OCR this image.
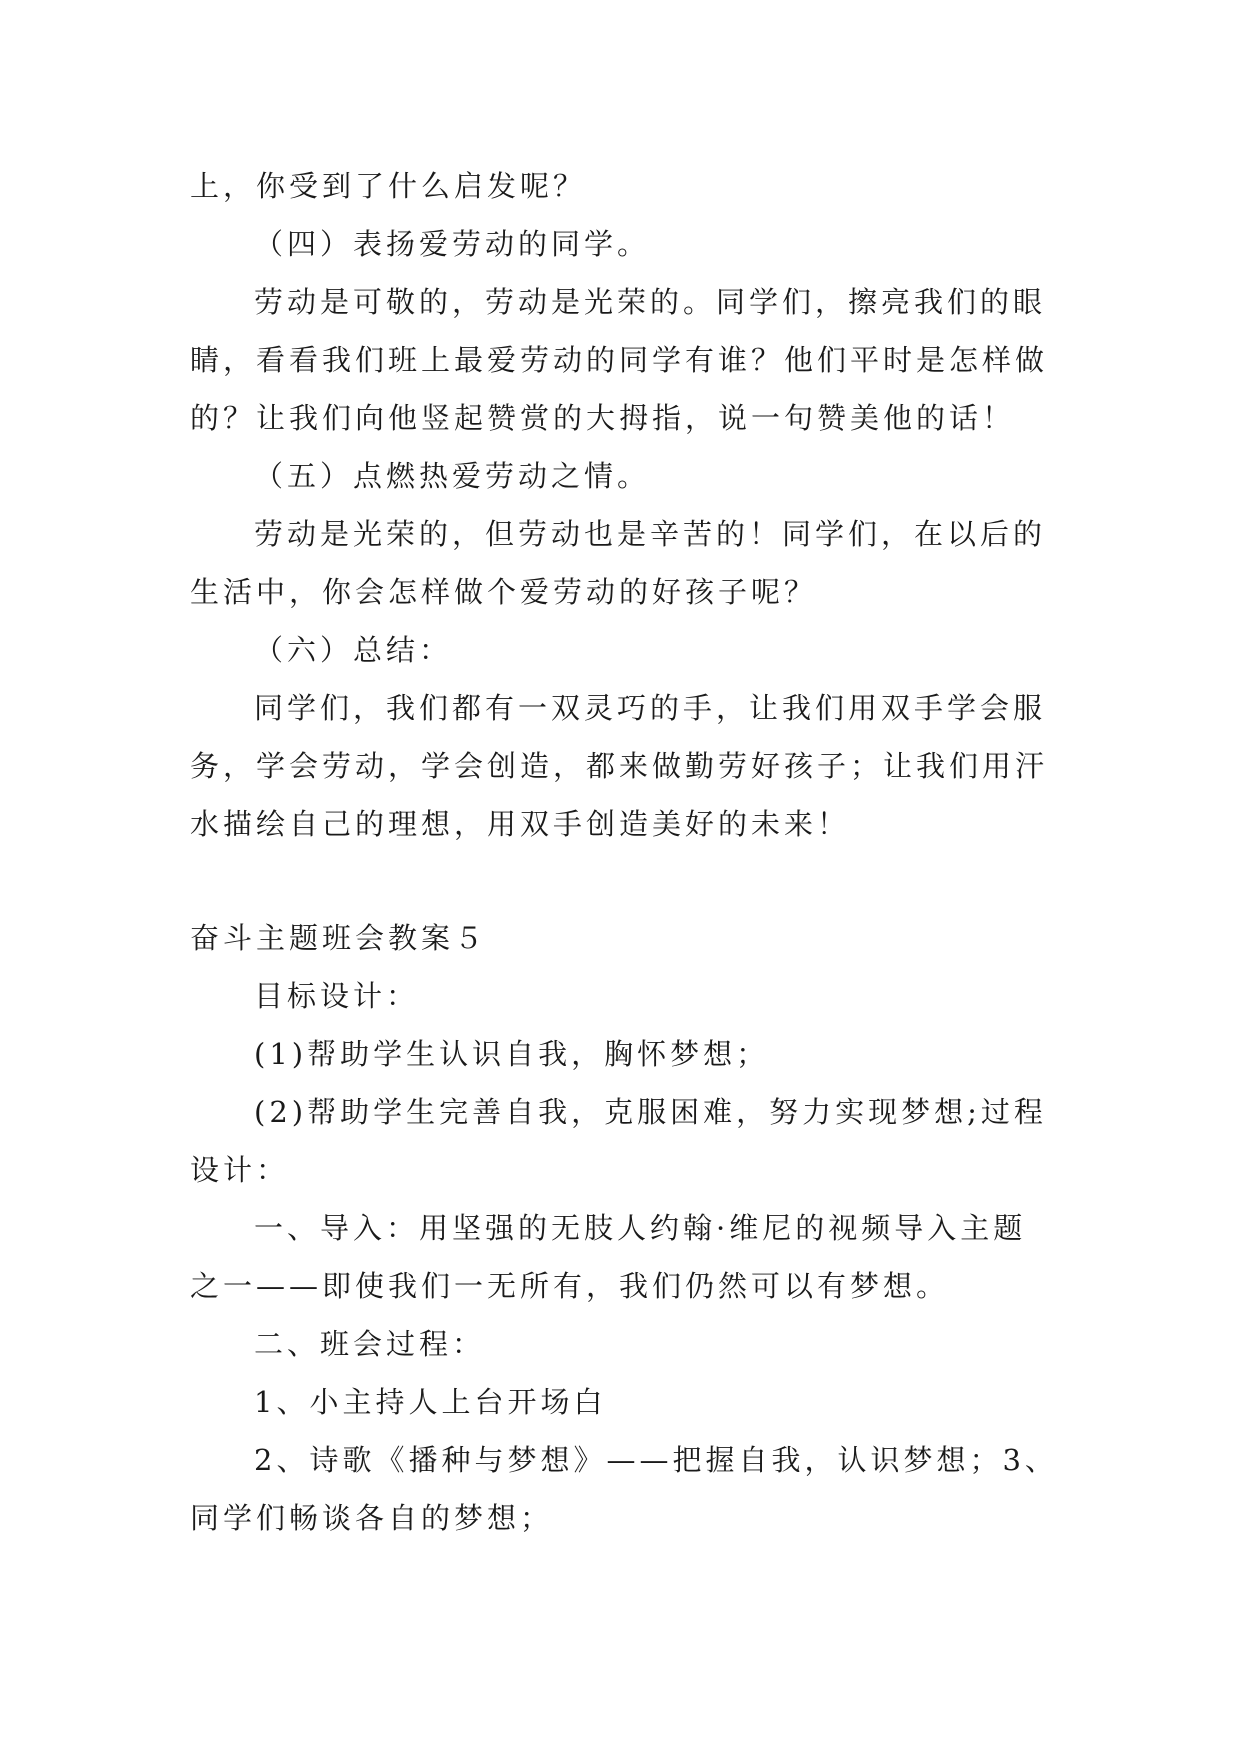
上，你受到了什么启发呢？
（四）表扬爱劳动的同学。
劳动是可敬的，劳动是光荣的。同学们，擦亮我们的眼
睛，看看我们班上最爱劳动的同学有谁？他们平时是怎样做
的？让我们向他竖起赞赏的大拇指，说一句赞美他的话！
（五）点燃热爱劳动之情。
劳动是光荣的，但劳动也是辛苦的！同学们，在以后的
生活中，你会怎样做个爱劳动的好孩子呢？
（六）总结：
同学们，我们都有一双灵巧的手，让我们用双手学会服
务，学会劳动，学会创造，都来做勤劳好孩子；让我们用汗
水描绘自己的理想，用双手创造美好的未来！
奋斗主题班会教案５
目标设计：
(1)帮助学生认识自我，胸怀梦想；
(2)帮助学生完善自我，克服困难，努力实现梦想;过程
设计：
一、导入：用坚强的无肢人约翰·维尼的视频导入主题
之一——即使我们一无所有，我们仍然可以有梦想。
二、班会过程：
1、小主持人上台开场白
2、诗歌《播种与梦想》——把握自我，认识梦想；3、
同学们畅谈各自的梦想；
